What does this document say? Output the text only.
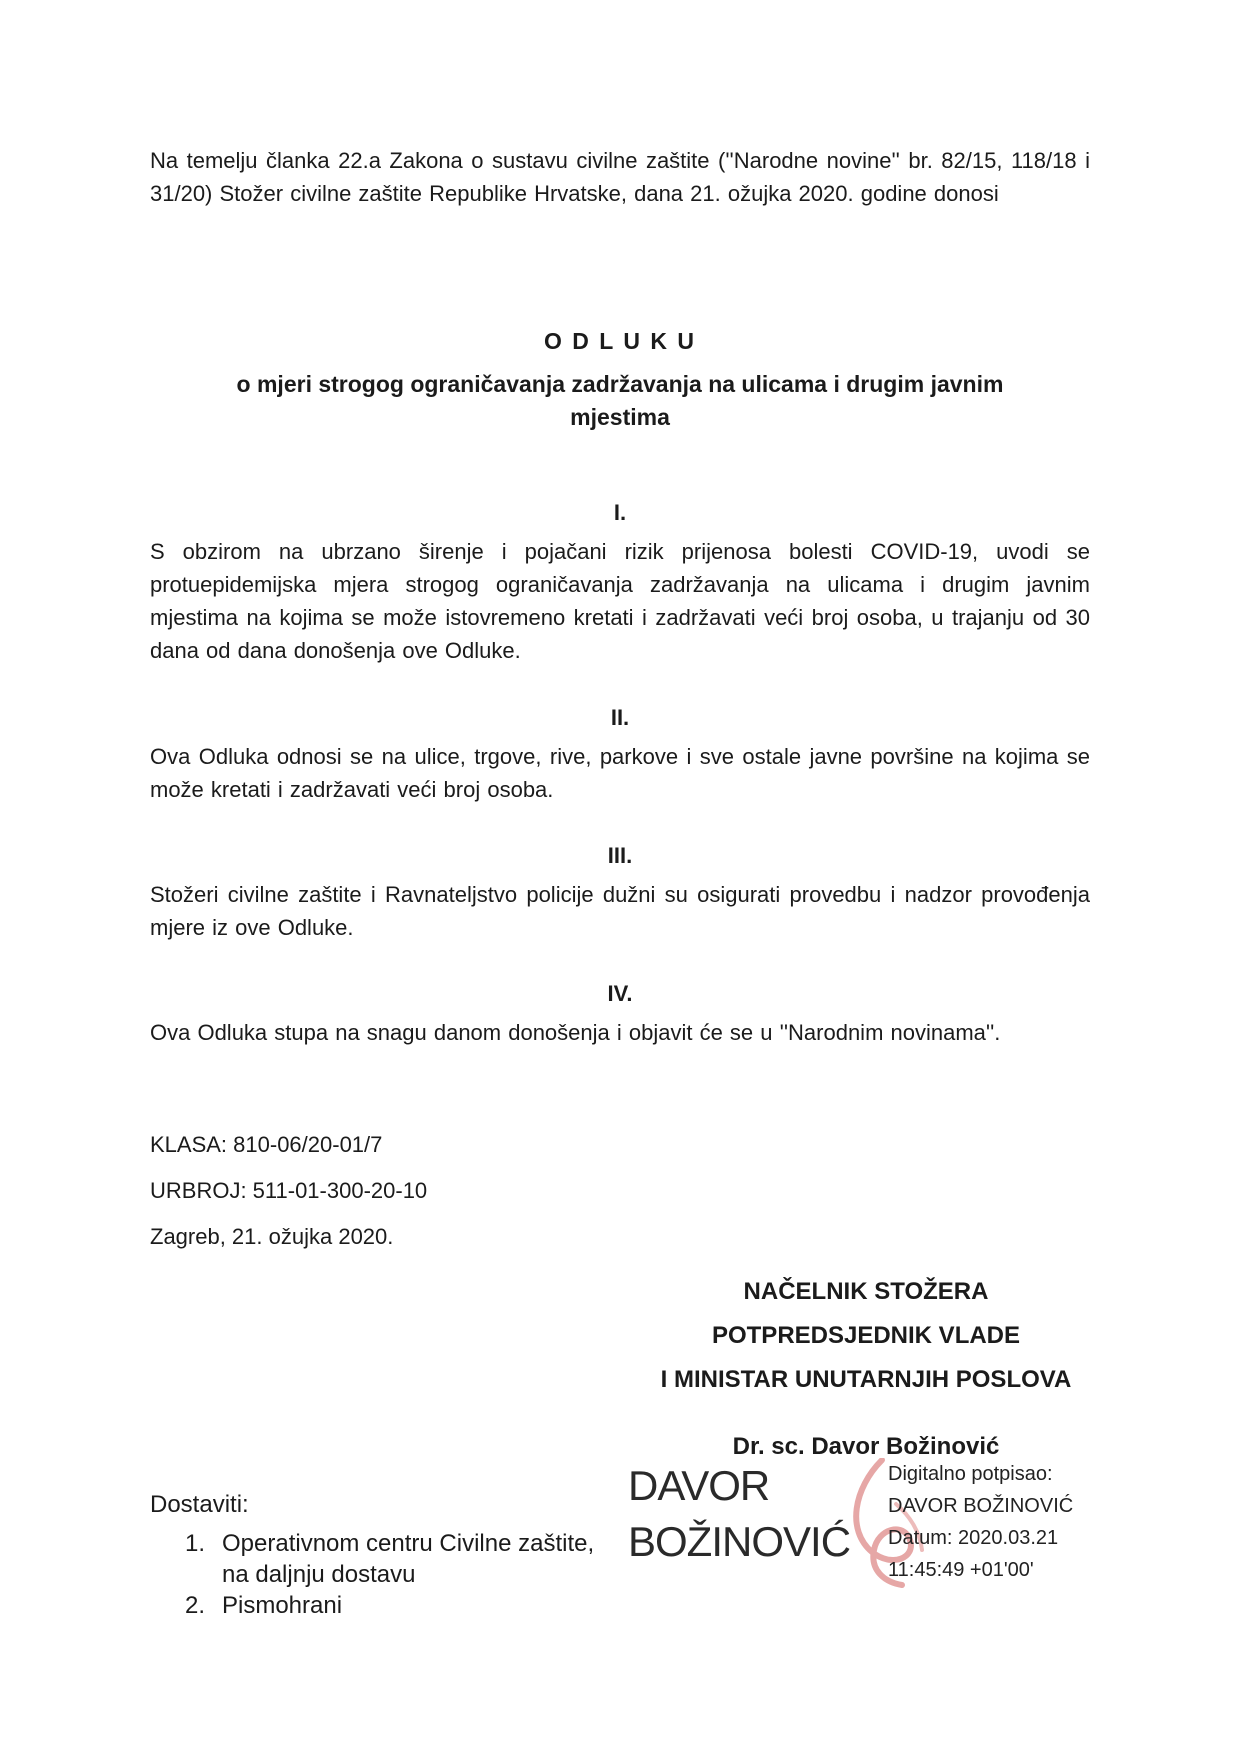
Na temelju članka 22.a Zakona o sustavu civilne zaštite (''Narodne novine'' br. 82/15, 118/18 i 31/20) Stožer civilne zaštite Republike Hrvatske, dana 21. ožujka 2020. godine donosi

O D L U K U
o mjeri strogog ograničavanja zadržavanja na ulicama i drugim javnim mjestima
I.

S obzirom na ubrzano širenje i pojačani rizik prijenosa bolesti COVID-19, uvodi se protuepidemijska mjera strogog ograničavanja zadržavanja na ulicama i drugim javnim mjestima na kojima se može istovremeno kretati i zadržavati veći broj osoba, u trajanju od 30 dana od dana donošenja ove Odluke.

II.

Ova Odluka odnosi se na ulice, trgove, rive, parkove i sve ostale javne površine na kojima se može kretati i zadržavati veći broj osoba.

III.

Stožeri civilne zaštite i Ravnateljstvo policije dužni su osigurati provedbu i nadzor provođenja mjere iz ove Odluke.

IV.

Ova Odluka stupa na snagu danom donošenja i objavit će se u ''Narodnim novinama''.

KLASA: 810-06/20-01/7
URBROJ: 511-01-300-20-10
Zagreb, 21. ožujka 2020.
NAČELNIK STOŽERA
POTPREDSJEDNIK VLADE
I MINISTAR UNUTARNJIH POSLOVA
Dr. sc. Davor Božinović
DAVOR
BOŽINOVIĆ
Digitalno potpisao:
DAVOR BOŽINOVIĆ
Datum: 2020.03.21
11:45:49 +01'00'
Dostaviti:
1. Operativnom centru Civilne zaštite, na daljnju dostavu
2. Pismohrani
